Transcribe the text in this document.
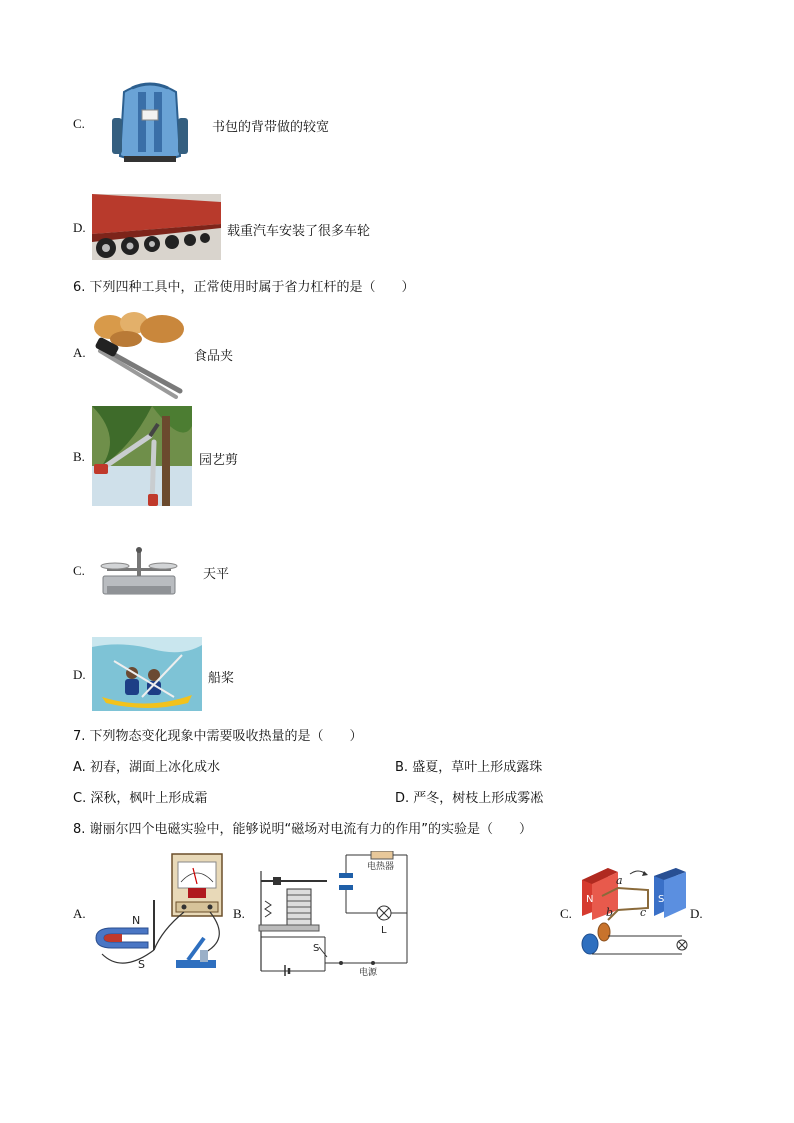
C.	书包的背带做的较宽
D.	载重汽车安装了很多车轮
6. 下列四种工具中，正常使用时属于省力杠杆的是（　　）
A.	食品夹
B.	园艺剪
C.	天平
D.	船桨
7. 下列物态变化现象中需要吸收热量的是（　　）
A. 初春，湖面上冰化成水	B. 盛夏，草叶上形成露珠
C. 深秋，枫叶上形成霜	D. 严冬，树枝上形成雾凇
8. 谢丽尔四个电磁实验中，能够说明“磁场对电流有力的作用”的实验是（　　）
A.	N
S
B.
电热器
L
S
电源
C.
N	S
a
b c	D.
